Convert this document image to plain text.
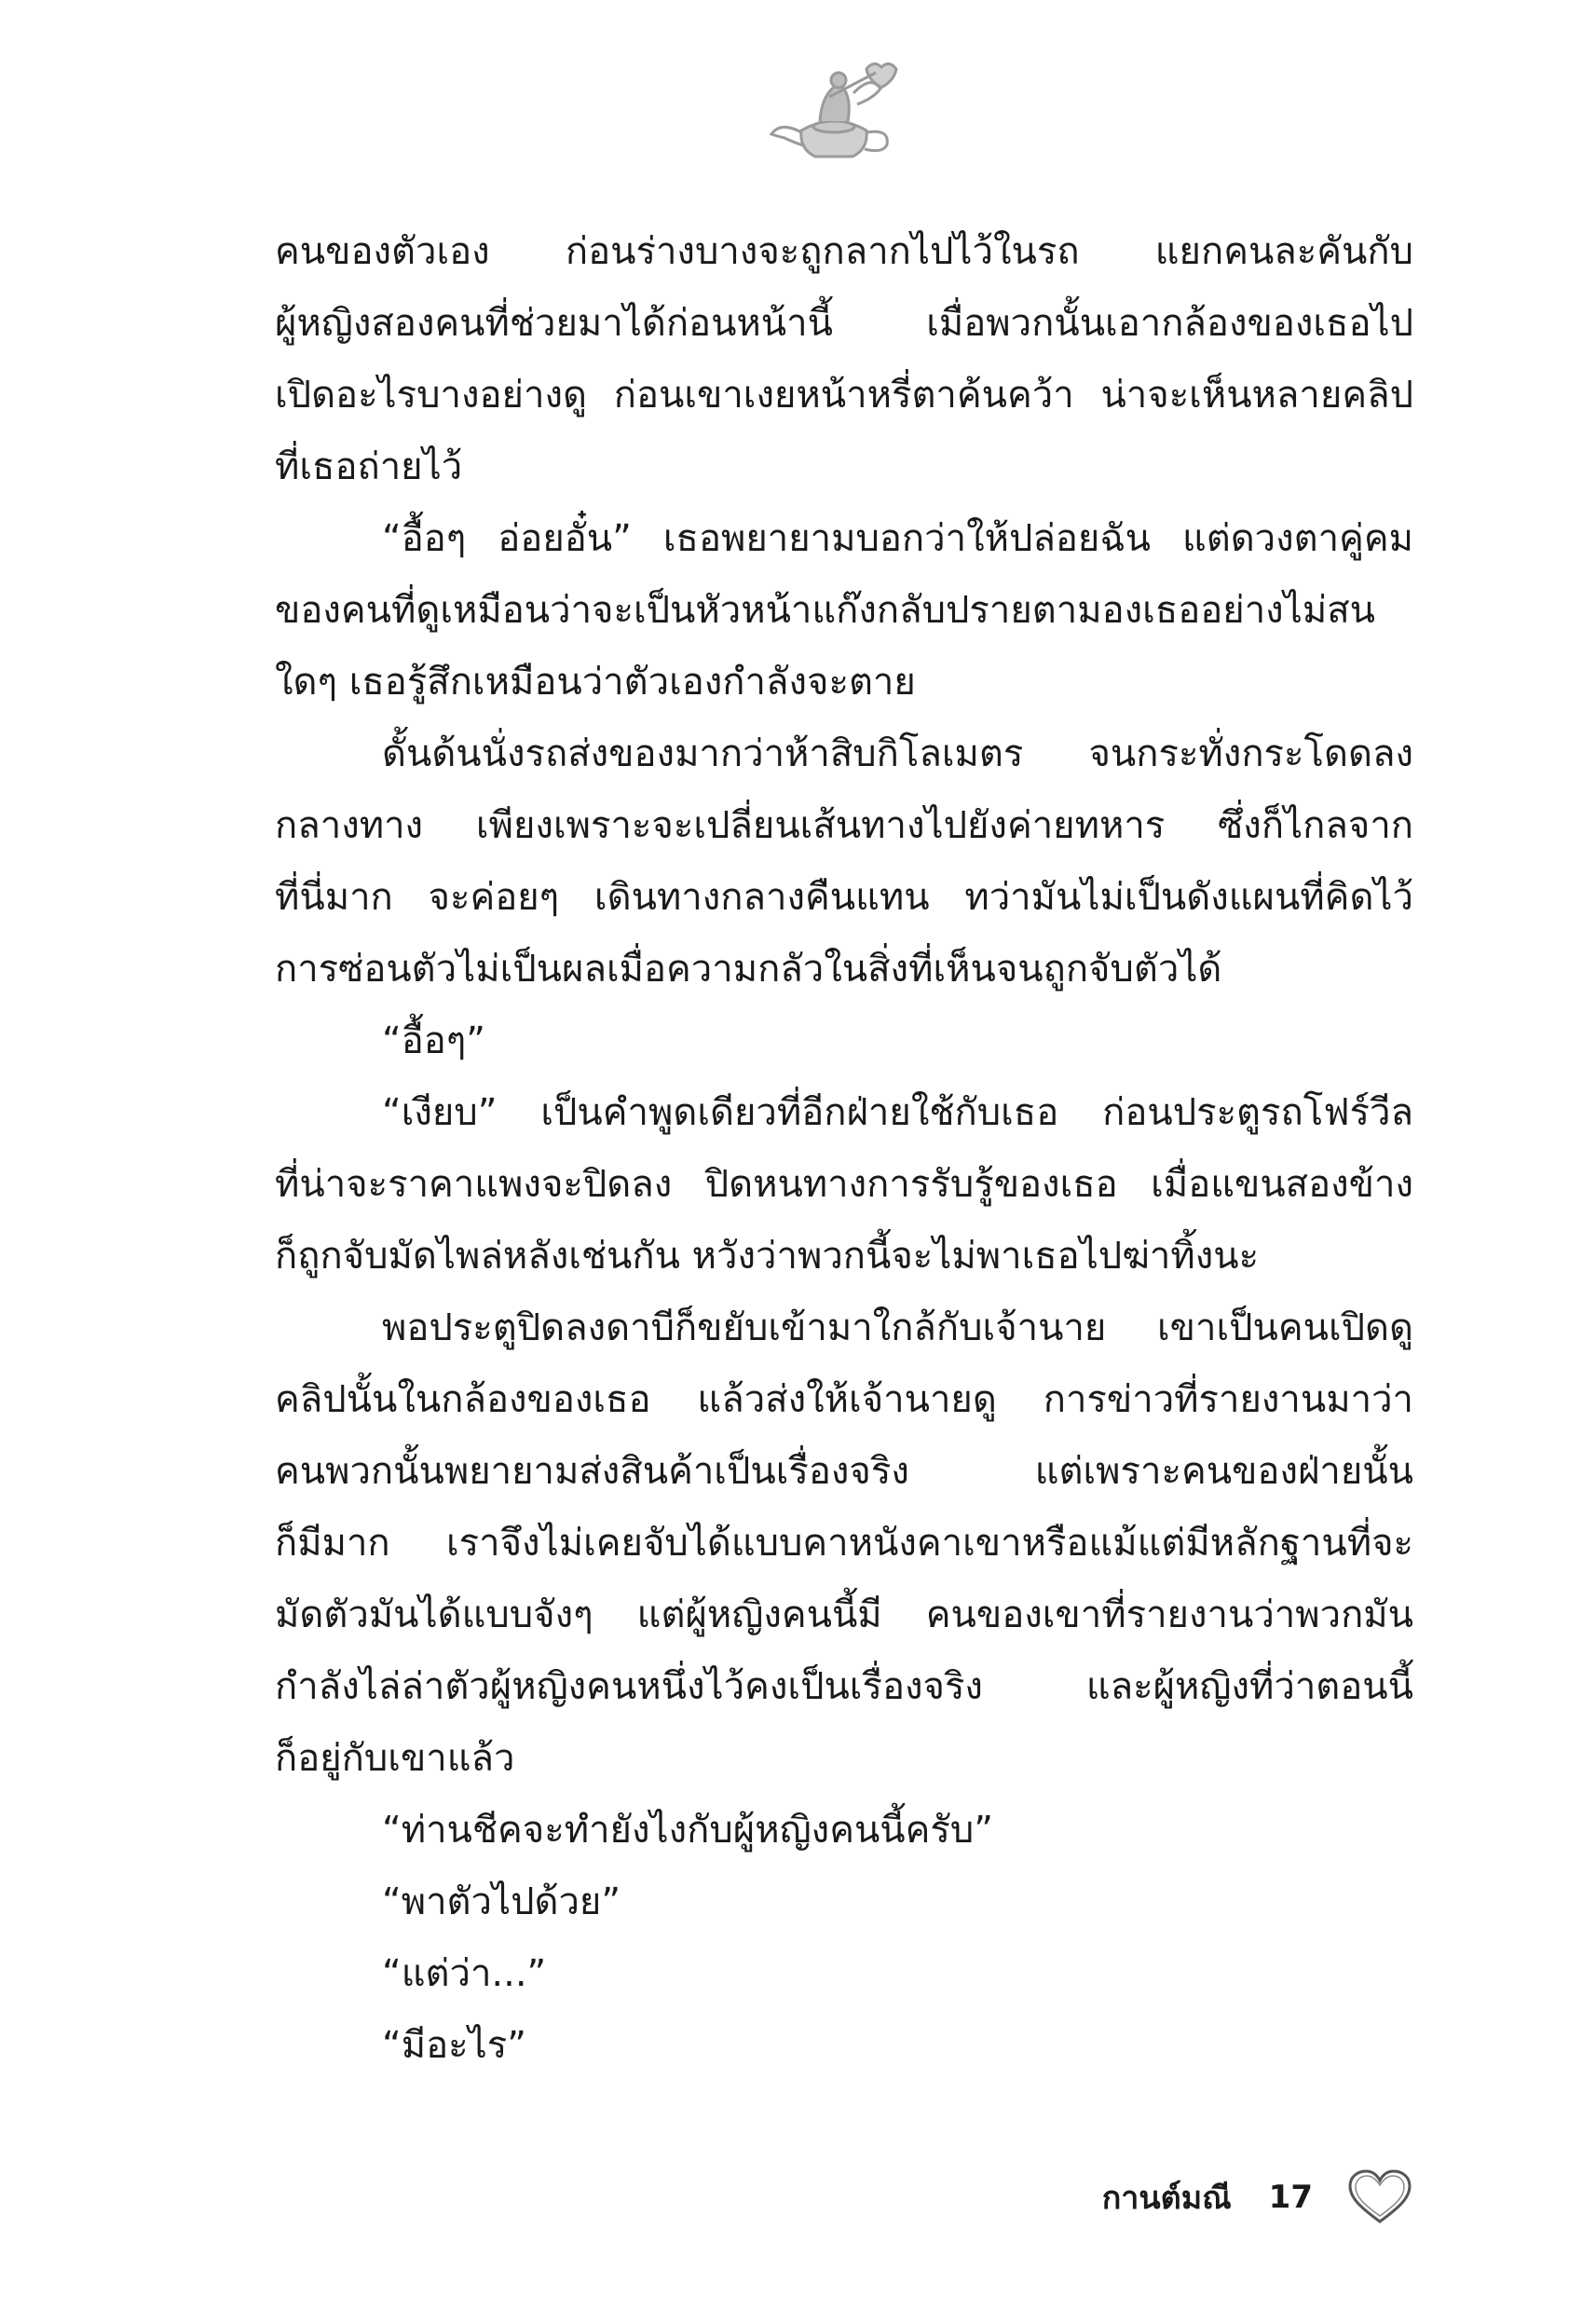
คนของตัวเอง ก่อนร่างบางจะถูกลากไปไว้ในรถ แยกคนละคันกับ
ผู้หญิงสองคนที่ช่วยมาได้ก่อนหน้านี้ เมื่อพวกนั้นเอากล้องของเธอไป
เปิดอะไรบางอย่างดู ก่อนเขาเงยหน้าหรี่ตาค้นคว้า น่าจะเห็นหลายคลิป
ที่เธอถ่ายไว้
“อื้อๆ อ่อยอั๋น” เธอพยายามบอกว่าให้ปล่อยฉัน แต่ดวงตาคู่คม
ของคนที่ดูเหมือนว่าจะเป็นหัวหน้าแก๊งกลับปรายตามองเธออย่างไม่สน
ใดๆ เธอรู้สึกเหมือนว่าตัวเองกำลังจะตาย
ดั้นด้นนั่งรถส่งของมากว่าห้าสิบกิโลเมตร จนกระทั่งกระโดดลง
กลางทาง เพียงเพราะจะเปลี่ยนเส้นทางไปยังค่ายทหาร ซึ่งก็ไกลจาก
ที่นี่มาก จะค่อยๆ เดินทางกลางคืนแทน ทว่ามันไม่เป็นดังแผนที่คิดไว้
การซ่อนตัวไม่เป็นผลเมื่อความกลัวในสิ่งที่เห็นจนถูกจับตัวได้
“อื้อๆ”
“เงียบ” เป็นคำพูดเดียวที่อีกฝ่ายใช้กับเธอ ก่อนประตูรถโฟร์วีล
ที่น่าจะราคาแพงจะปิดลง ปิดหนทางการรับรู้ของเธอ เมื่อแขนสองข้าง
ก็ถูกจับมัดไพล่หลังเช่นกัน หวังว่าพวกนี้จะไม่พาเธอไปฆ่าทิ้งนะ
พอประตูปิดลงดาบีก็ขยับเข้ามาใกล้กับเจ้านาย เขาเป็นคนเปิดดู
คลิปนั้นในกล้องของเธอ แล้วส่งให้เจ้านายดู การข่าวที่รายงานมาว่า
คนพวกนั้นพยายามส่งสินค้าเป็นเรื่องจริง แต่เพราะคนของฝ่ายนั้น
ก็มีมาก เราจึงไม่เคยจับได้แบบคาหนังคาเขาหรือแม้แต่มีหลักฐานที่จะ
มัดตัวมันได้แบบจังๆ แต่ผู้หญิงคนนี้มี คนของเขาที่รายงานว่าพวกมัน
กำลังไล่ล่าตัวผู้หญิงคนหนึ่งไว้คงเป็นเรื่องจริง และผู้หญิงที่ว่าตอนนี้
ก็อยู่กับเขาแล้ว
“ท่านชีคจะทำยังไงกับผู้หญิงคนนี้ครับ”
“พาตัวไปด้วย”
“แต่ว่า...”
“มีอะไร”
กานต์มณี 17
